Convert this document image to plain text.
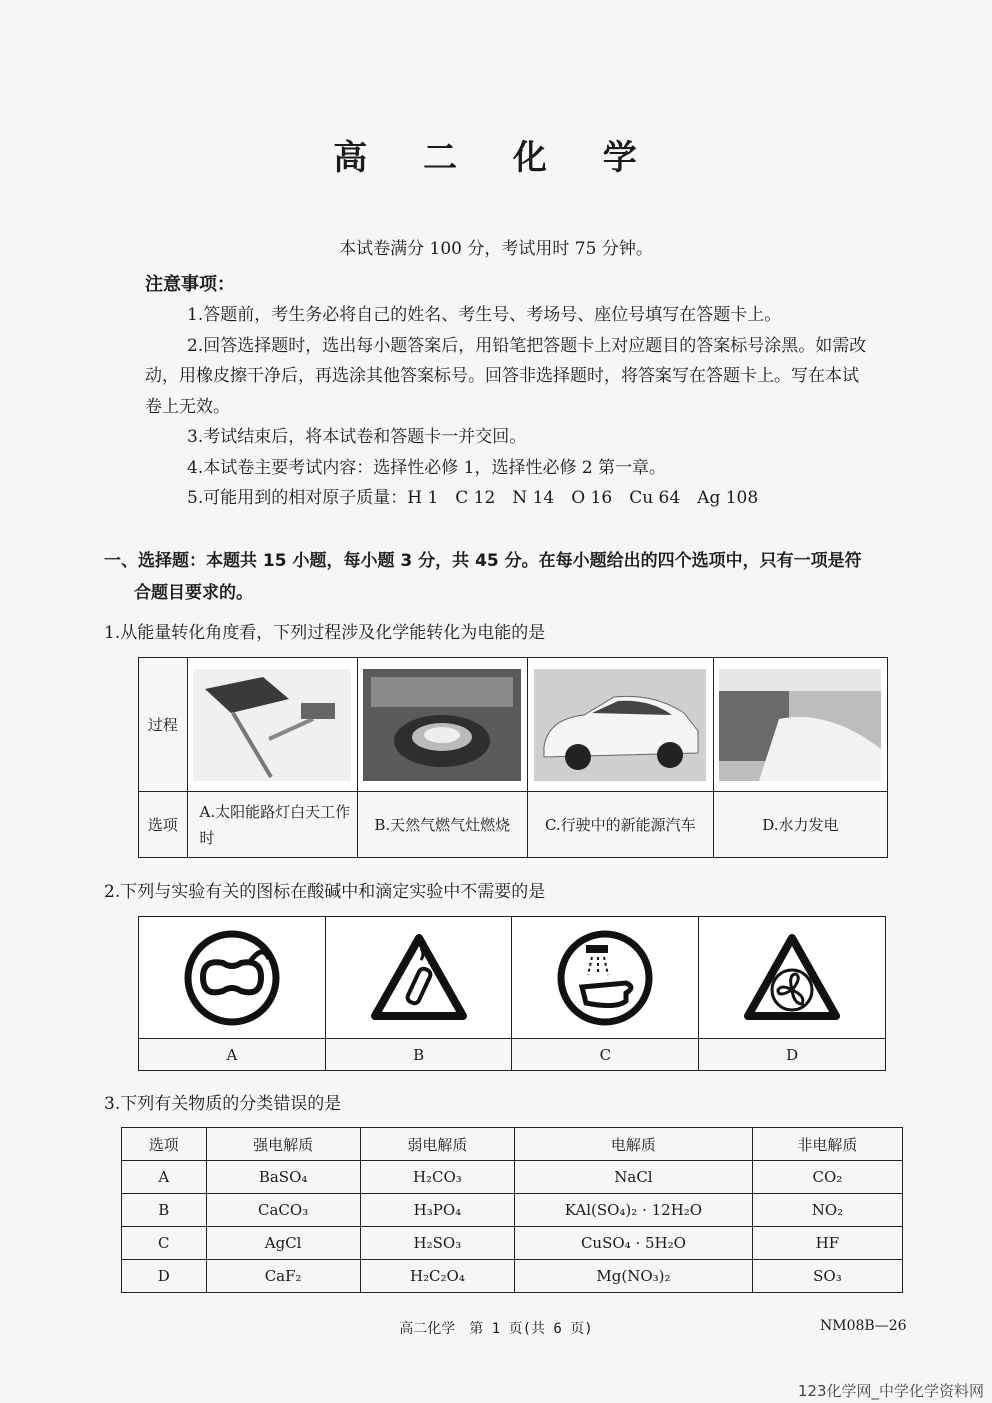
高 二 化 学
本试卷满分 100 分，考试用时 75 分钟。
注意事项：

1.答题前，考生务必将自己的姓名、考生号、考场号、座位号填写在答题卡上。

2.回答选择题时，选出每小题答案后，用铅笔把答题卡上对应题目的答案标号涂黑。如需改动，用橡皮擦干净后，再选涂其他答案标号。回答非选择题时，将答案写在答题卡上。写在本试卷上无效。

3.考试结束后，将本试卷和答题卡一并交回。

4.本试卷主要考试内容：选择性必修 1，选择性必修 2 第一章。

5.可能用到的相对原子质量：H 1　C 12　N 14　O 16　Cu 64　Ag 108

一、选择题：本题共 15 小题，每小题 3 分，共 45 分。在每小题给出的四个选项中，只有一项是符
合题目要求的。
1.从能量转化角度看，下列过程涉及化学能转化为电能的是
过程	

选项	A.太阳能路灯白天工作时	B.天然气燃气灶燃烧	C.行驶中的新能源汽车	D.水力发电
2.下列与实验有关的图标在酸碱中和滴定实验中不需要的是

A	B	C	D
3.下列有关物质的分类错误的是
选项	强电解质	弱电解质	电解质	非电解质
A	BaSO₄	H₂CO₃	NaCl	CO₂
B	CaCO₃	H₃PO₄	KAl(SO₄)₂ · 12H₂O	NO₂
C	AgCl	H₂SO₃	CuSO₄ · 5H₂O	HF
D	CaF₂	H₂C₂O₄	Mg(NO₃)₂	SO₃
高二化学　第 1 页(共 6 页)	NM08B—26
123化学网_中学化学资料网
